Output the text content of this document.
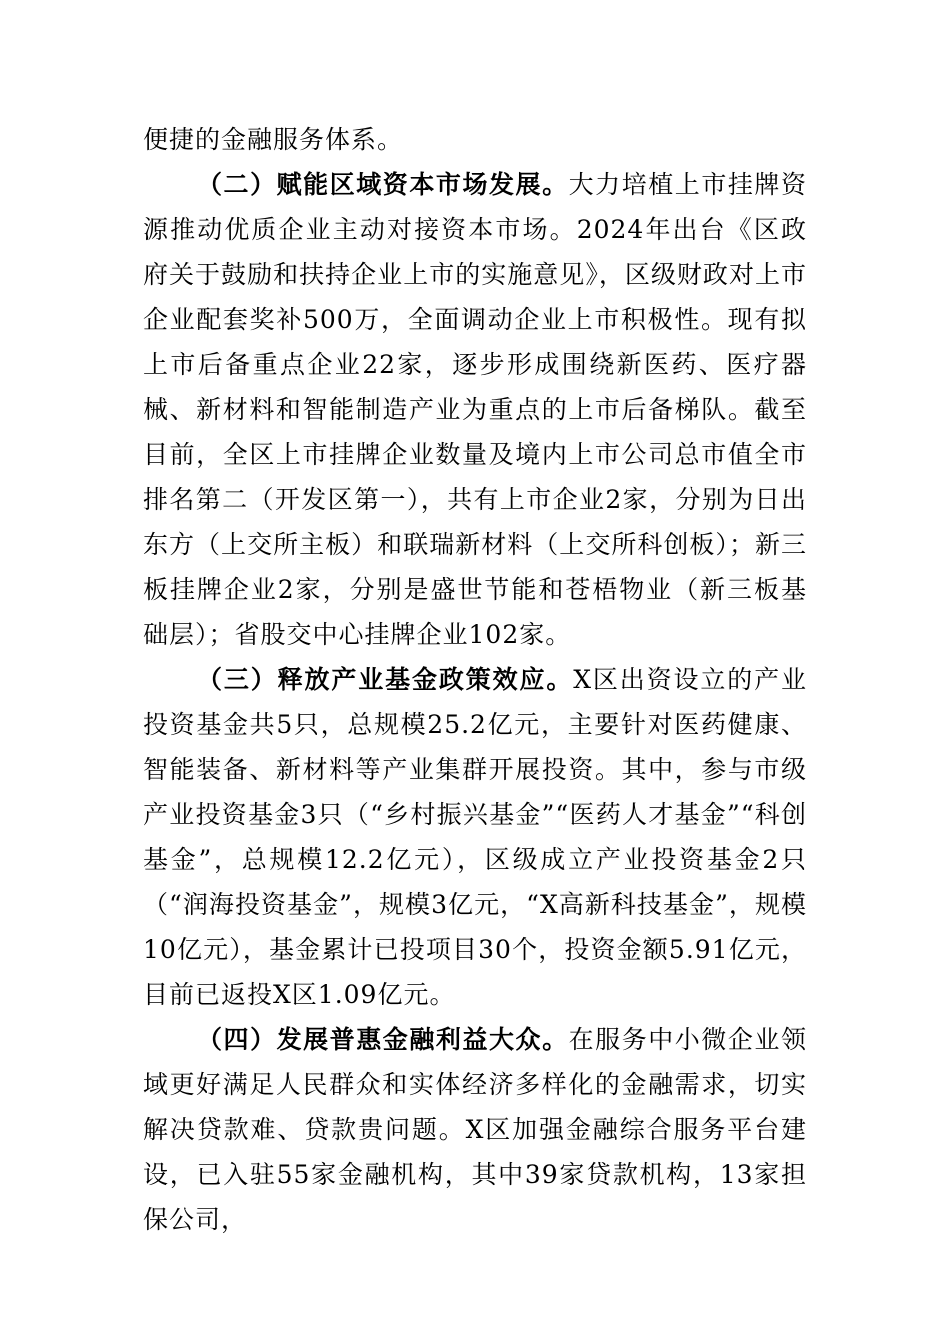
便捷的金融服务体系。

（二）赋能区域资本市场发展。大力培植上市挂牌资源推动优质企业主动对接资本市场。2024年出台《区政府关于鼓励和扶持企业上市的实施意见》，区级财政对上市企业配套奖补500万，全面调动企业上市积极性。现有拟上市后备重点企业22家，逐步形成围绕新医药、医疗器械、新材料和智能制造产业为重点的上市后备梯队。截至目前，全区上市挂牌企业数量及境内上市公司总市值全市排名第二（开发区第一），共有上市企业2家，分别为日出东方（上交所主板）和联瑞新材料（上交所科创板）；新三板挂牌企业2家，分别是盛世节能和苍梧物业（新三板基础层）；省股交中心挂牌企业102家。

（三）释放产业基金政策效应。X区出资设立的产业投资基金共5只，总规模25.2亿元，主要针对医药健康、智能装备、新材料等产业集群开展投资。其中，参与市级产业投资基金3只（“乡村振兴基金”“医药人才基金”“科创基金”，总规模12.2亿元），区级成立产业投资基金2只（“润海投资基金”，规模3亿元，“X高新科技基金”，规模10亿元），基金累计已投项目30个，投资金额5.91亿元，目前已返投X区1.09亿元。

（四）发展普惠金融利益大众。在服务中小微企业领域更好满足人民群众和实体经济多样化的金融需求，切实解决贷款难、贷款贵问题。X区加强金融综合服务平台建设，已入驻55家金融机构，其中39家贷款机构，13家担保公司，
